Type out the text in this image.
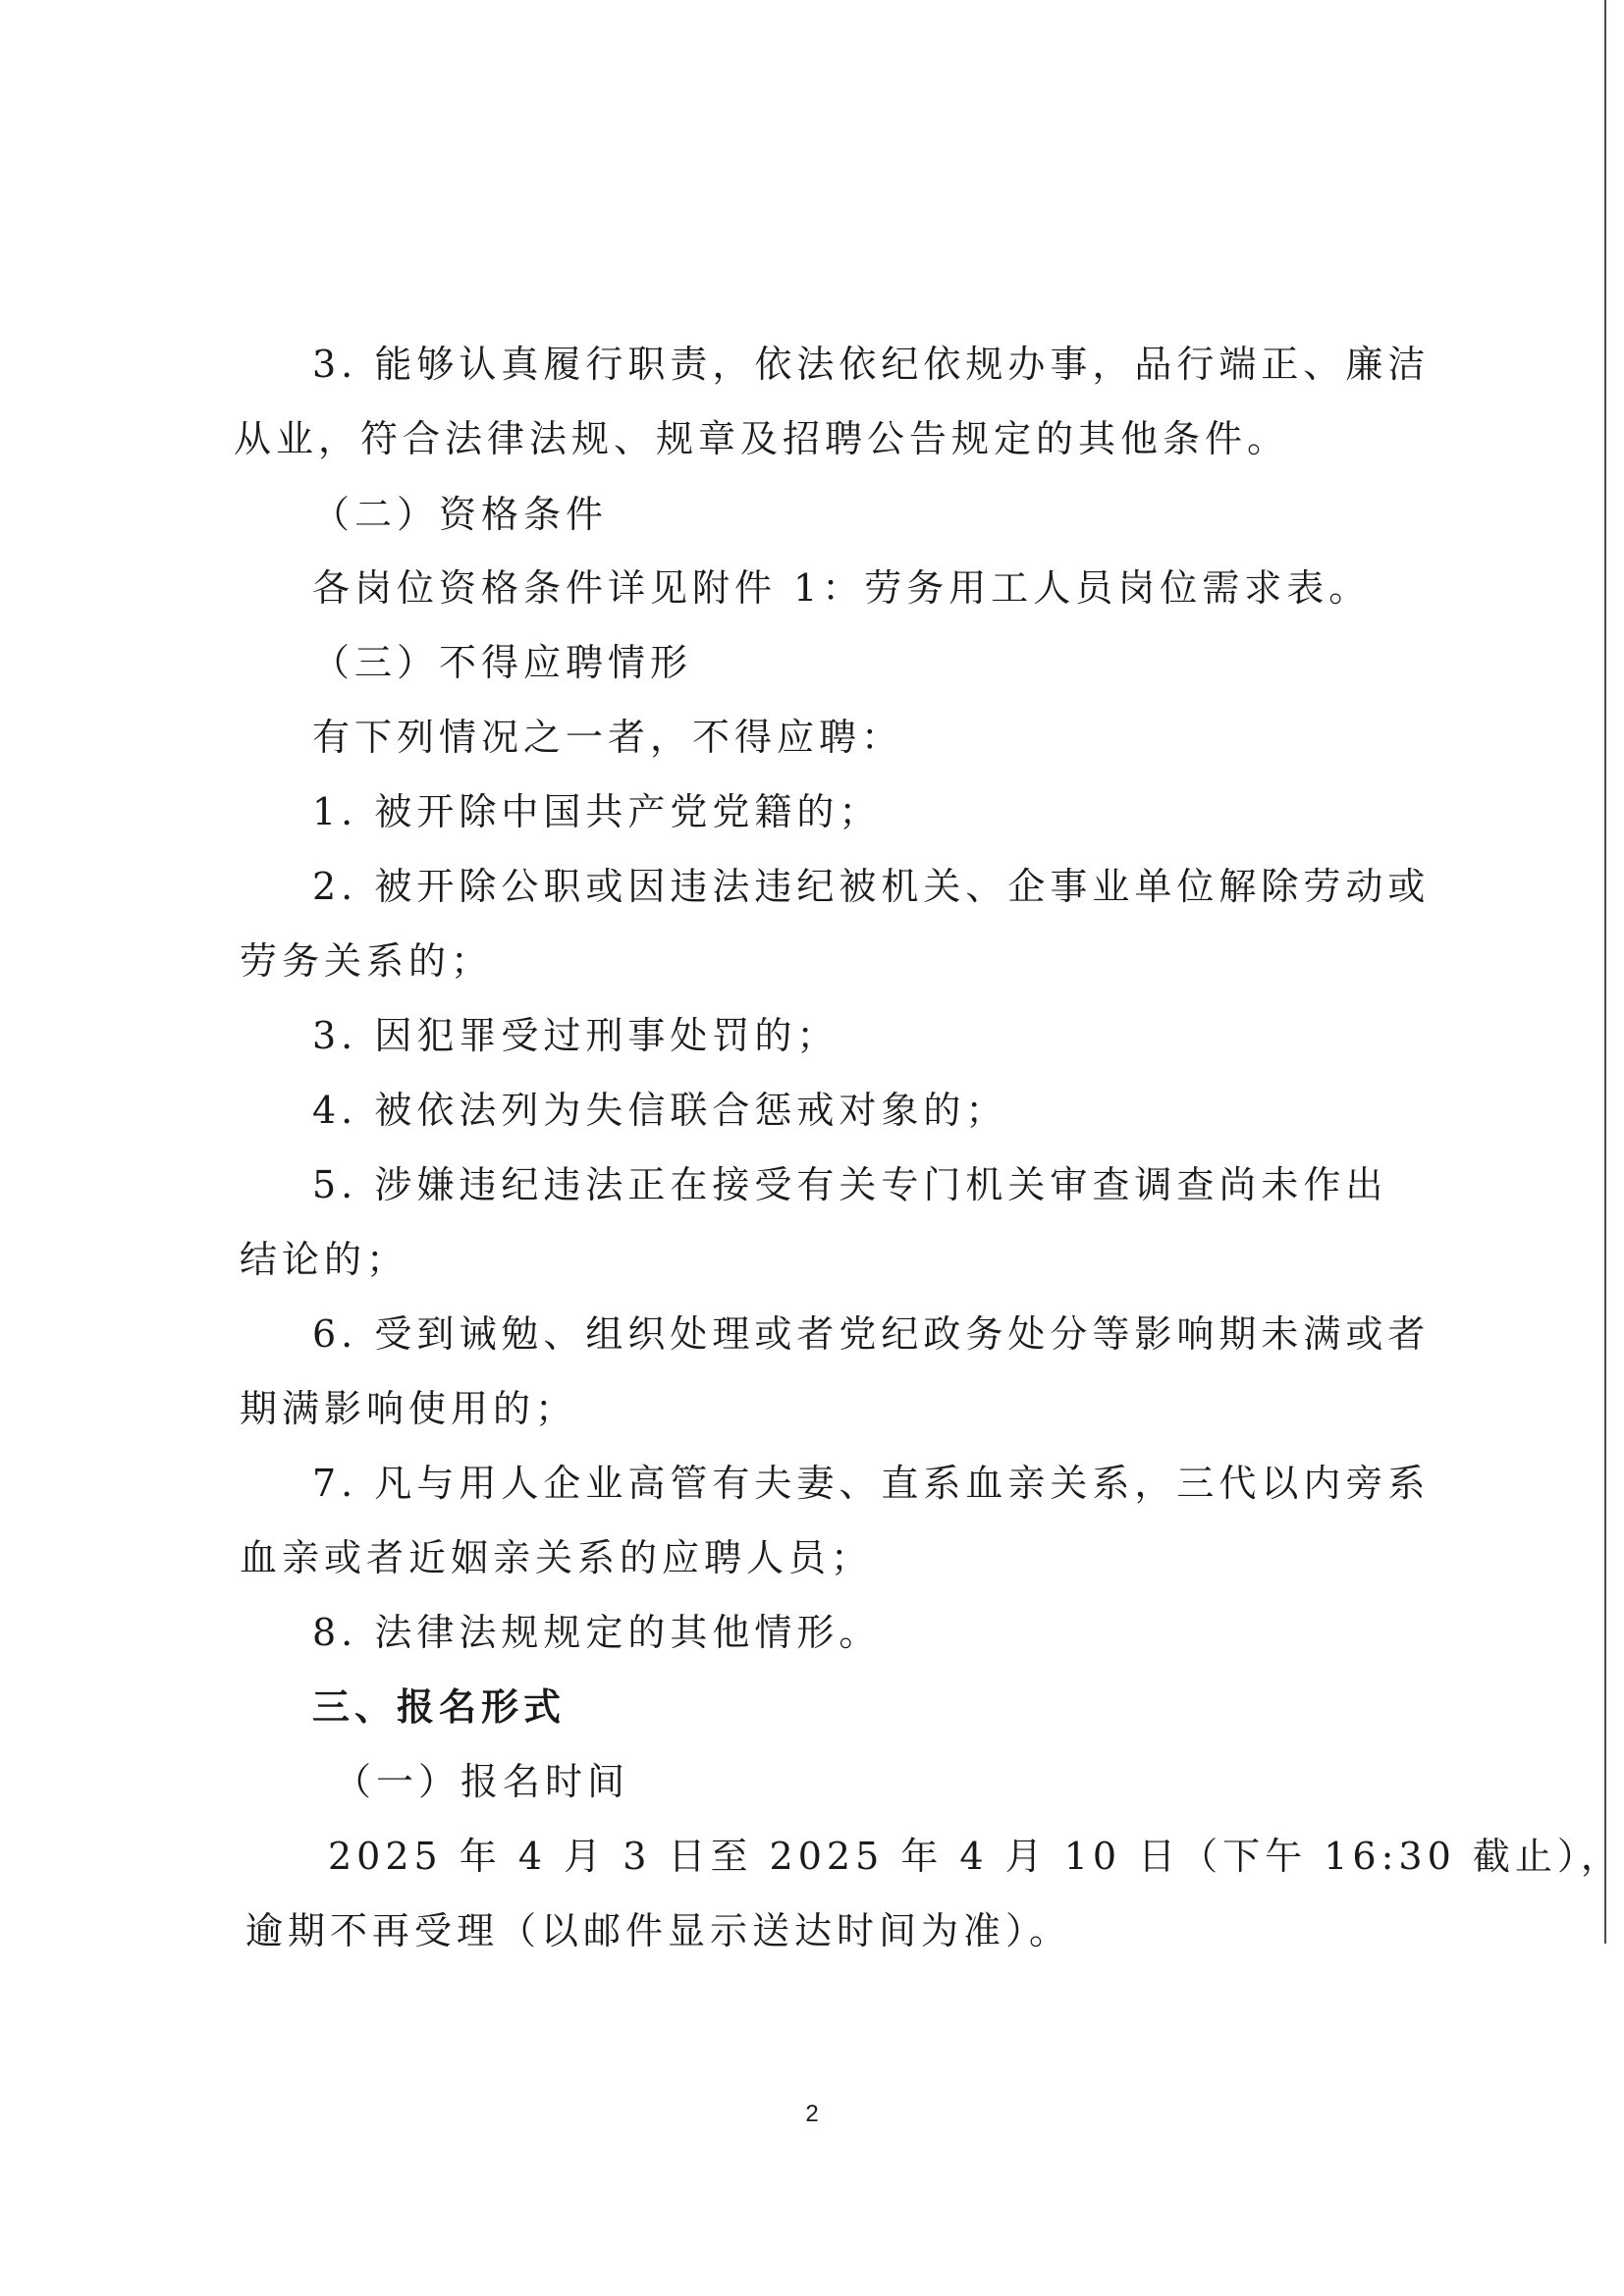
3. 能够认真履行职责，依法依纪依规办事，品行端正、廉洁
从业，符合法律法规、规章及招聘公告规定的其他条件。
（二）资格条件
各岗位资格条件详见附件 1：劳务用工人员岗位需求表。
（三）不得应聘情形
有下列情况之一者，不得应聘：
1. 被开除中国共产党党籍的；
2. 被开除公职或因违法违纪被机关、企事业单位解除劳动或
劳务关系的；
3. 因犯罪受过刑事处罚的；
4. 被依法列为失信联合惩戒对象的；
5. 涉嫌违纪违法正在接受有关专门机关审查调查尚未作出
结论的；
6. 受到诫勉、组织处理或者党纪政务处分等影响期未满或者
期满影响使用的；
7. 凡与用人企业高管有夫妻、直系血亲关系，三代以内旁系
血亲或者近姻亲关系的应聘人员；
8. 法律法规规定的其他情形。
三、报名形式
（一）报名时间
2025 年 4 月 3 日至 2025 年 4 月 10 日（下午 16:30 截止），
逾期不再受理（以邮件显示送达时间为准）。
2
